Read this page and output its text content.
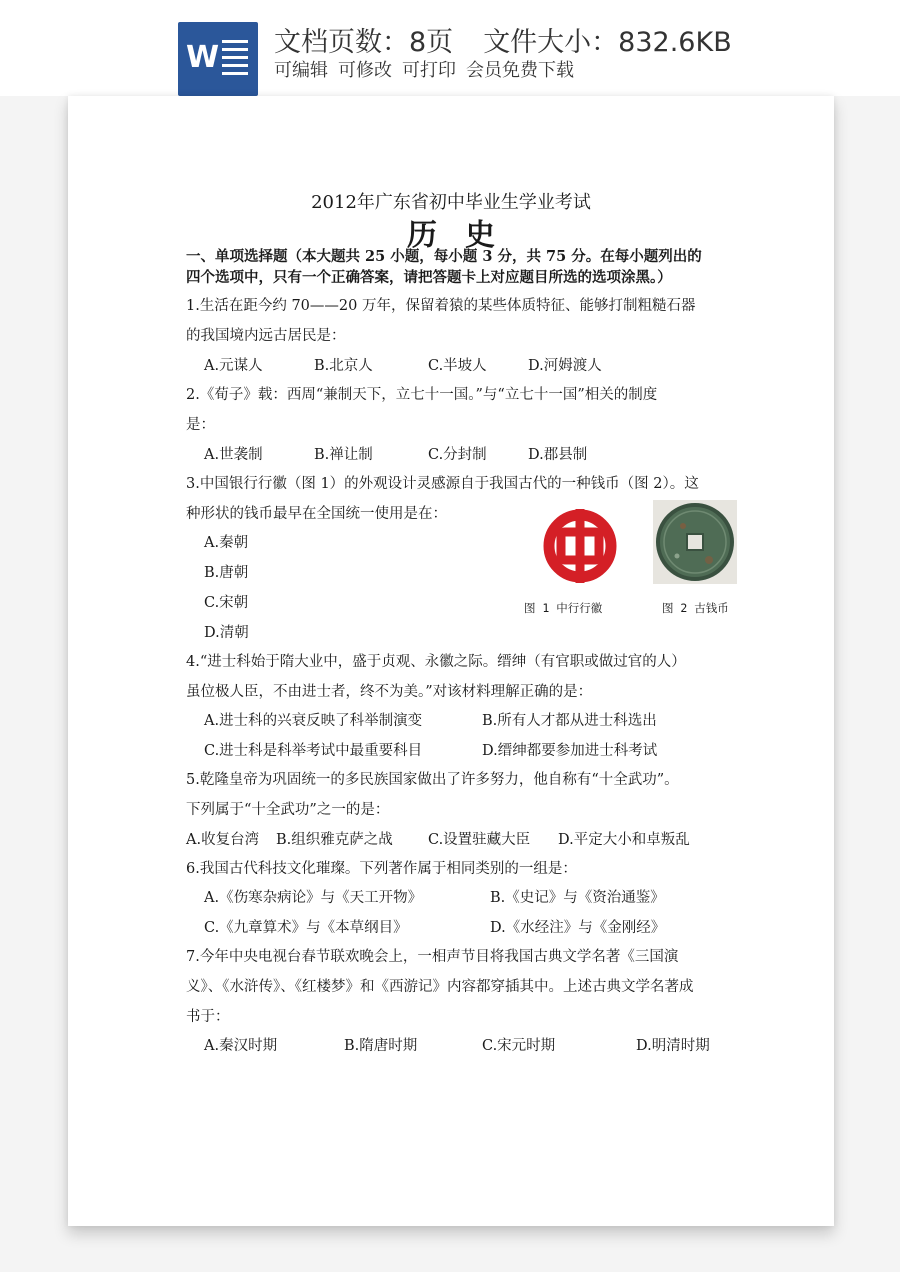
W 文档页数：8页 文件大小：832.6KB
可编辑 可修改 可打印 会员免费下载
2012年广东省初中毕业生学业考试
历史

一、单项选择题（本大题共 25 小题，每小题 3 分，共 75 分。在每小题列出的

四个选项中，只有一个正确答案，请把答题卡上对应题目所选的选项涂黑。）

1.生活在距今约 70——20 万年，保留着猿的某些体质特征、能够打制粗糙石器
的我国境内远古居民是：
A.元谋人	B.北京人	C.半坡人	D.河姆渡人
2.《荀子》载：西周“兼制天下，立七十一国。”与“立七十一国”相关的制度
是：
A.世袭制	B.禅让制	C.分封制	D.郡县制
3.中国银行行徽（图 1）的外观设计灵感源自于我国古代的一种钱币（图 2）。这
种形状的钱币最早在全国统一使用是在：
A.秦朝
B.唐朝
C.宋朝
D.清朝
图 1 中行行徽	图 2 古钱币
4.“进士科始于隋大业中，盛于贞观、永徽之际。缙绅（有官职或做过官的人）
虽位极人臣，不由进士者，终不为美。”对该材料理解正确的是：
A.进士科的兴衰反映了科举制演变	B.所有人才都从进士科选出
C.进士科是科举考试中最重要科目	D.缙绅都要参加进士科考试
5.乾隆皇帝为巩固统一的多民族国家做出了许多努力，他自称有“十全武功”。
下列属于“十全武功”之一的是：
A.收复台湾 B.组织雅克萨之战 C.设置驻藏大臣 D.平定大小和卓叛乱
6.我国古代科技文化璀璨。下列著作属于相同类别的一组是：
A.《伤寒杂病论》与《天工开物》	B.《史记》与《资治通鉴》
C.《九章算术》与《本草纲目》	D.《水经注》与《金刚经》
7.今年中央电视台春节联欢晚会上，一相声节目将我国古典文学名著《三国演
义》、《水浒传》、《红楼梦》和《西游记》内容都穿插其中。上述古典文学名著成
书于：
A.秦汉时期	B.隋唐时期	C.宋元时期	D.明清时期
